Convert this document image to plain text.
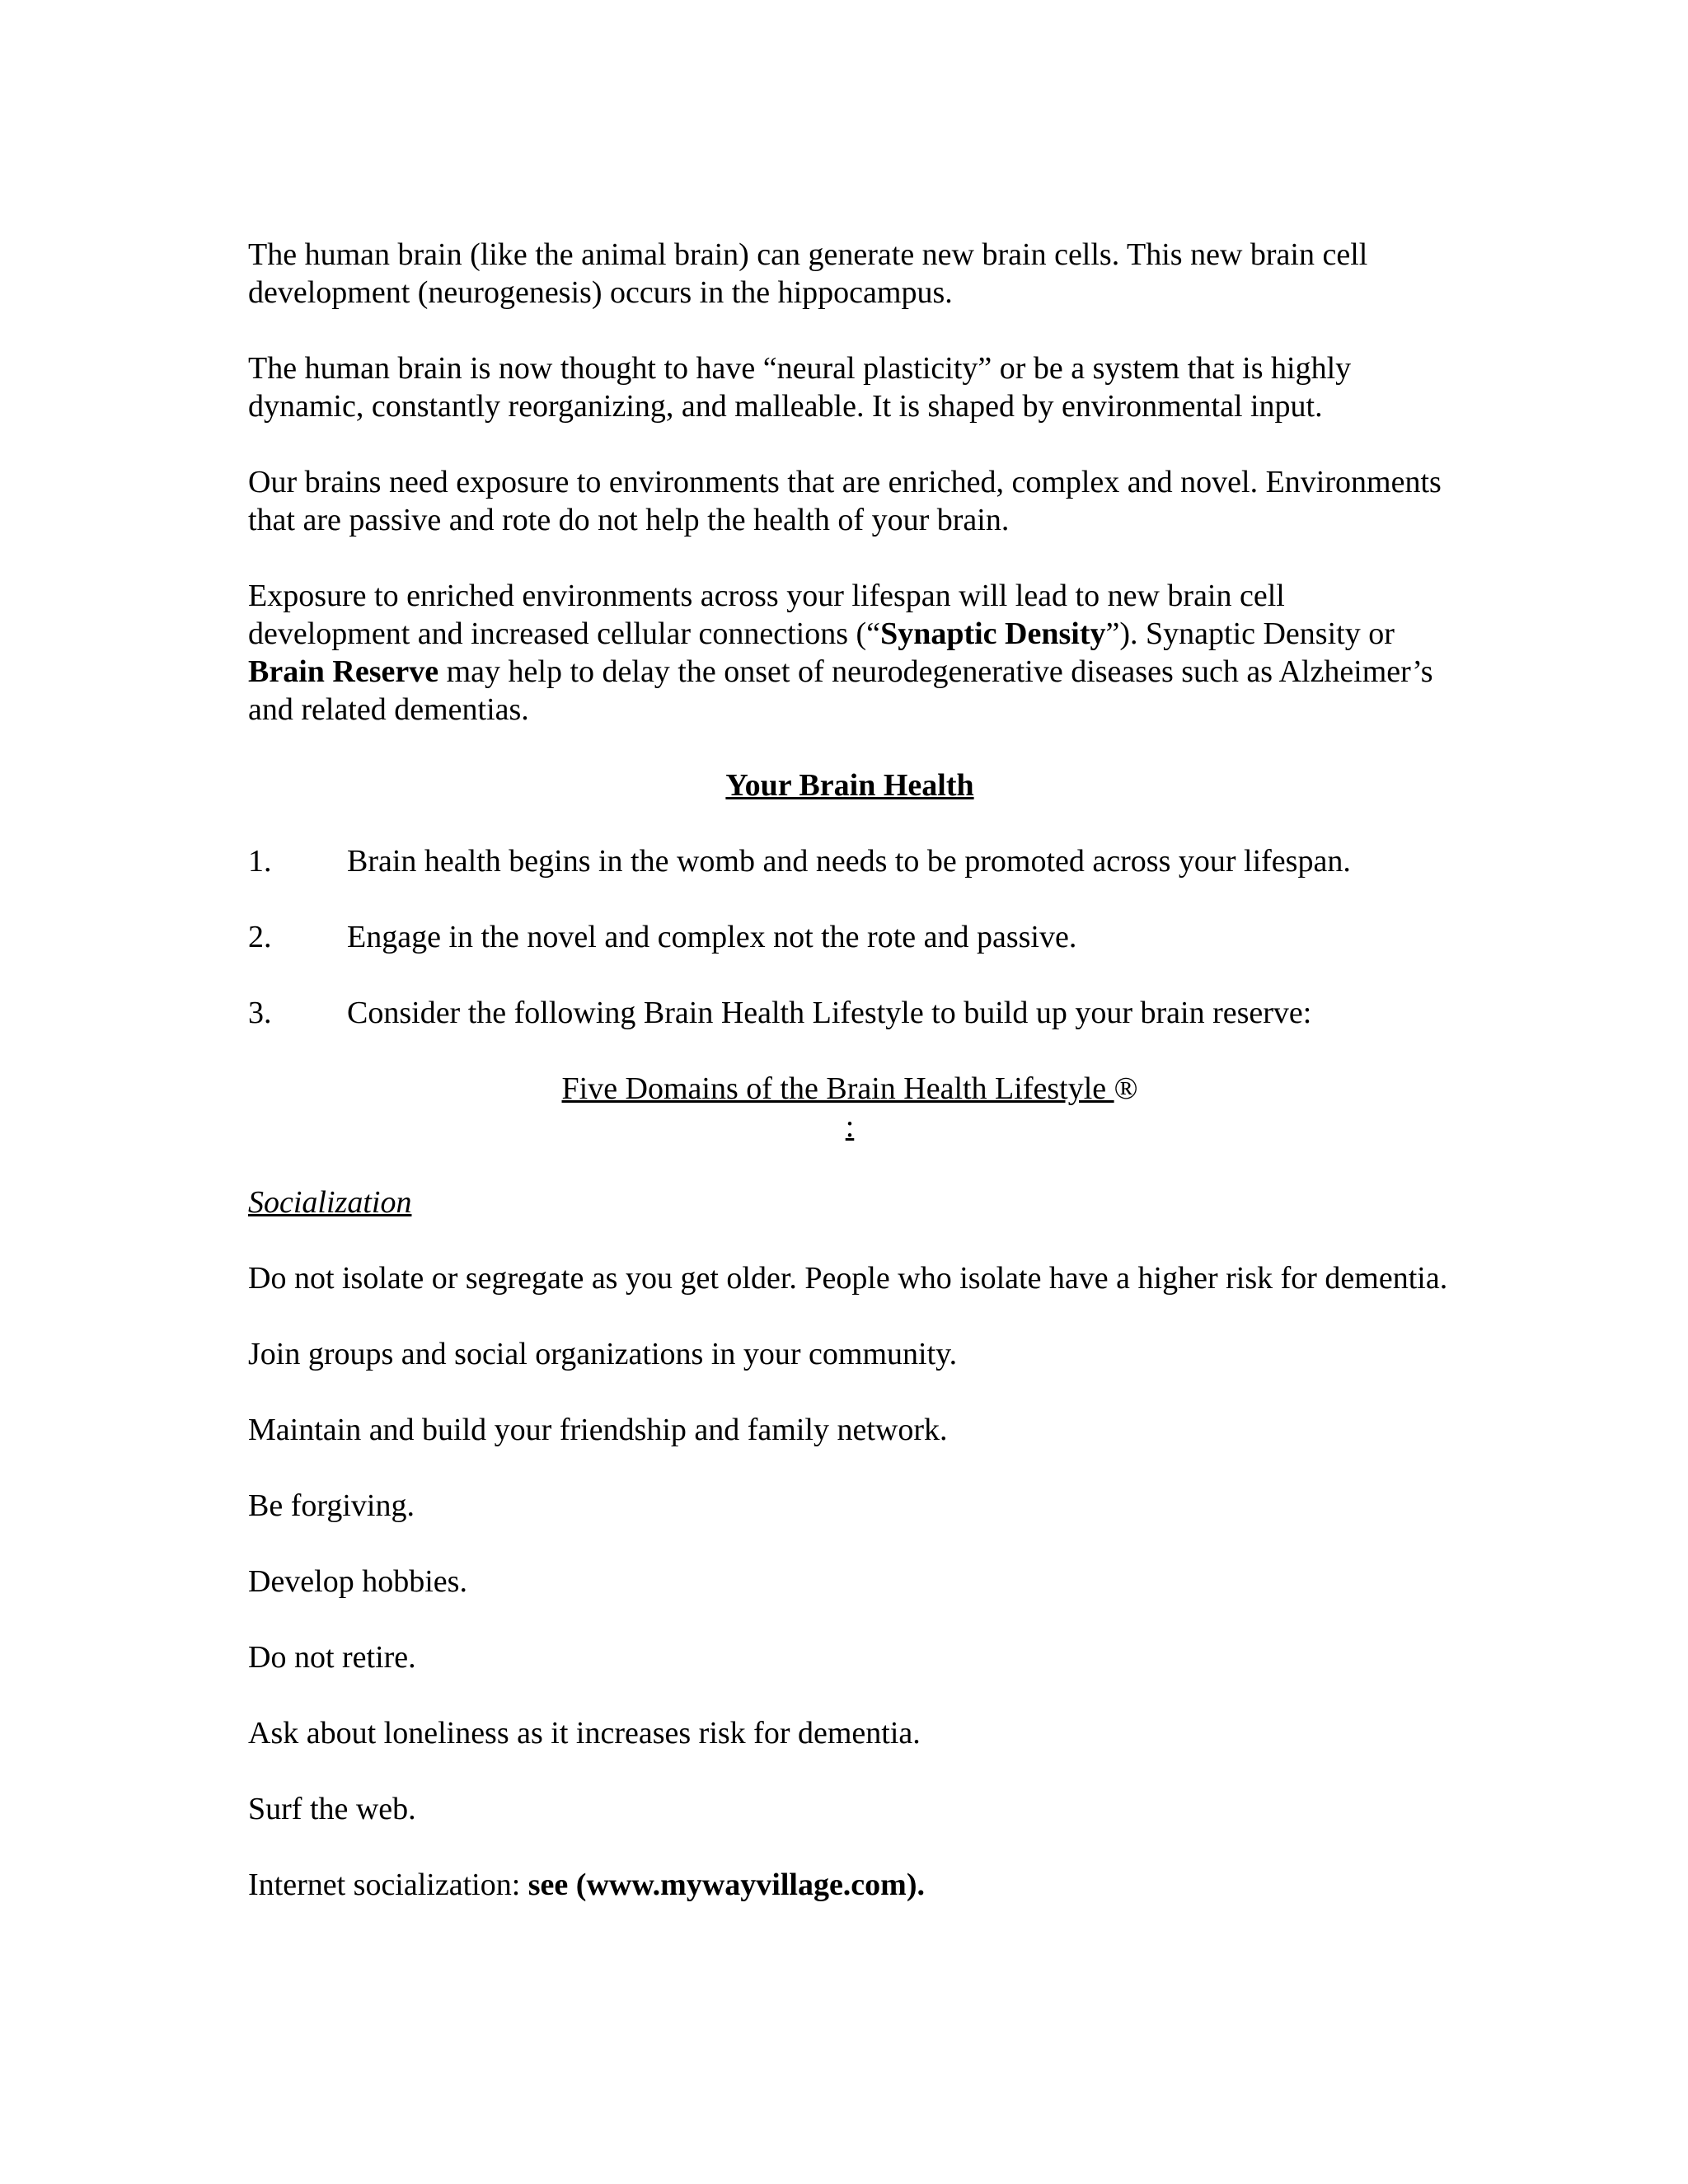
The human brain (like the animal brain) can generate new brain cells. This new brain cell development (neurogenesis) occurs in the hippocampus.

The human brain is now thought to have “neural plasticity” or be a system that is highly dynamic, constantly reorganizing, and malleable. It is shaped by environmental input.

Our brains need exposure to environments that are enriched, complex and novel. Environments that are passive and rote do not help the health of your brain.

Exposure to enriched environments across your lifespan will lead to new brain cell development and increased cellular connections (“Synaptic Density”). Synaptic Density or Brain Reserve may help to delay the onset of neurodegenerative diseases such as Alzheimer’s and related dementias.

Your Brain Health
1.	Brain health begins in the womb and needs to be promoted across your lifespan.
2.	Engage in the novel and complex not the rote and passive.
3.	Consider the following Brain Health Lifestyle to build up your brain reserve:
Five Domains of the Brain Health Lifestyle ®
:

Socialization

Do not isolate or segregate as you get older. People who isolate have a higher risk for dementia.

Join groups and social organizations in your community.

Maintain and build your friendship and family network.

Be forgiving.

Develop hobbies.

Do not retire.

Ask about loneliness as it increases risk for dementia.

Surf the web.

Internet socialization: see (www.mywayvillage.com).
